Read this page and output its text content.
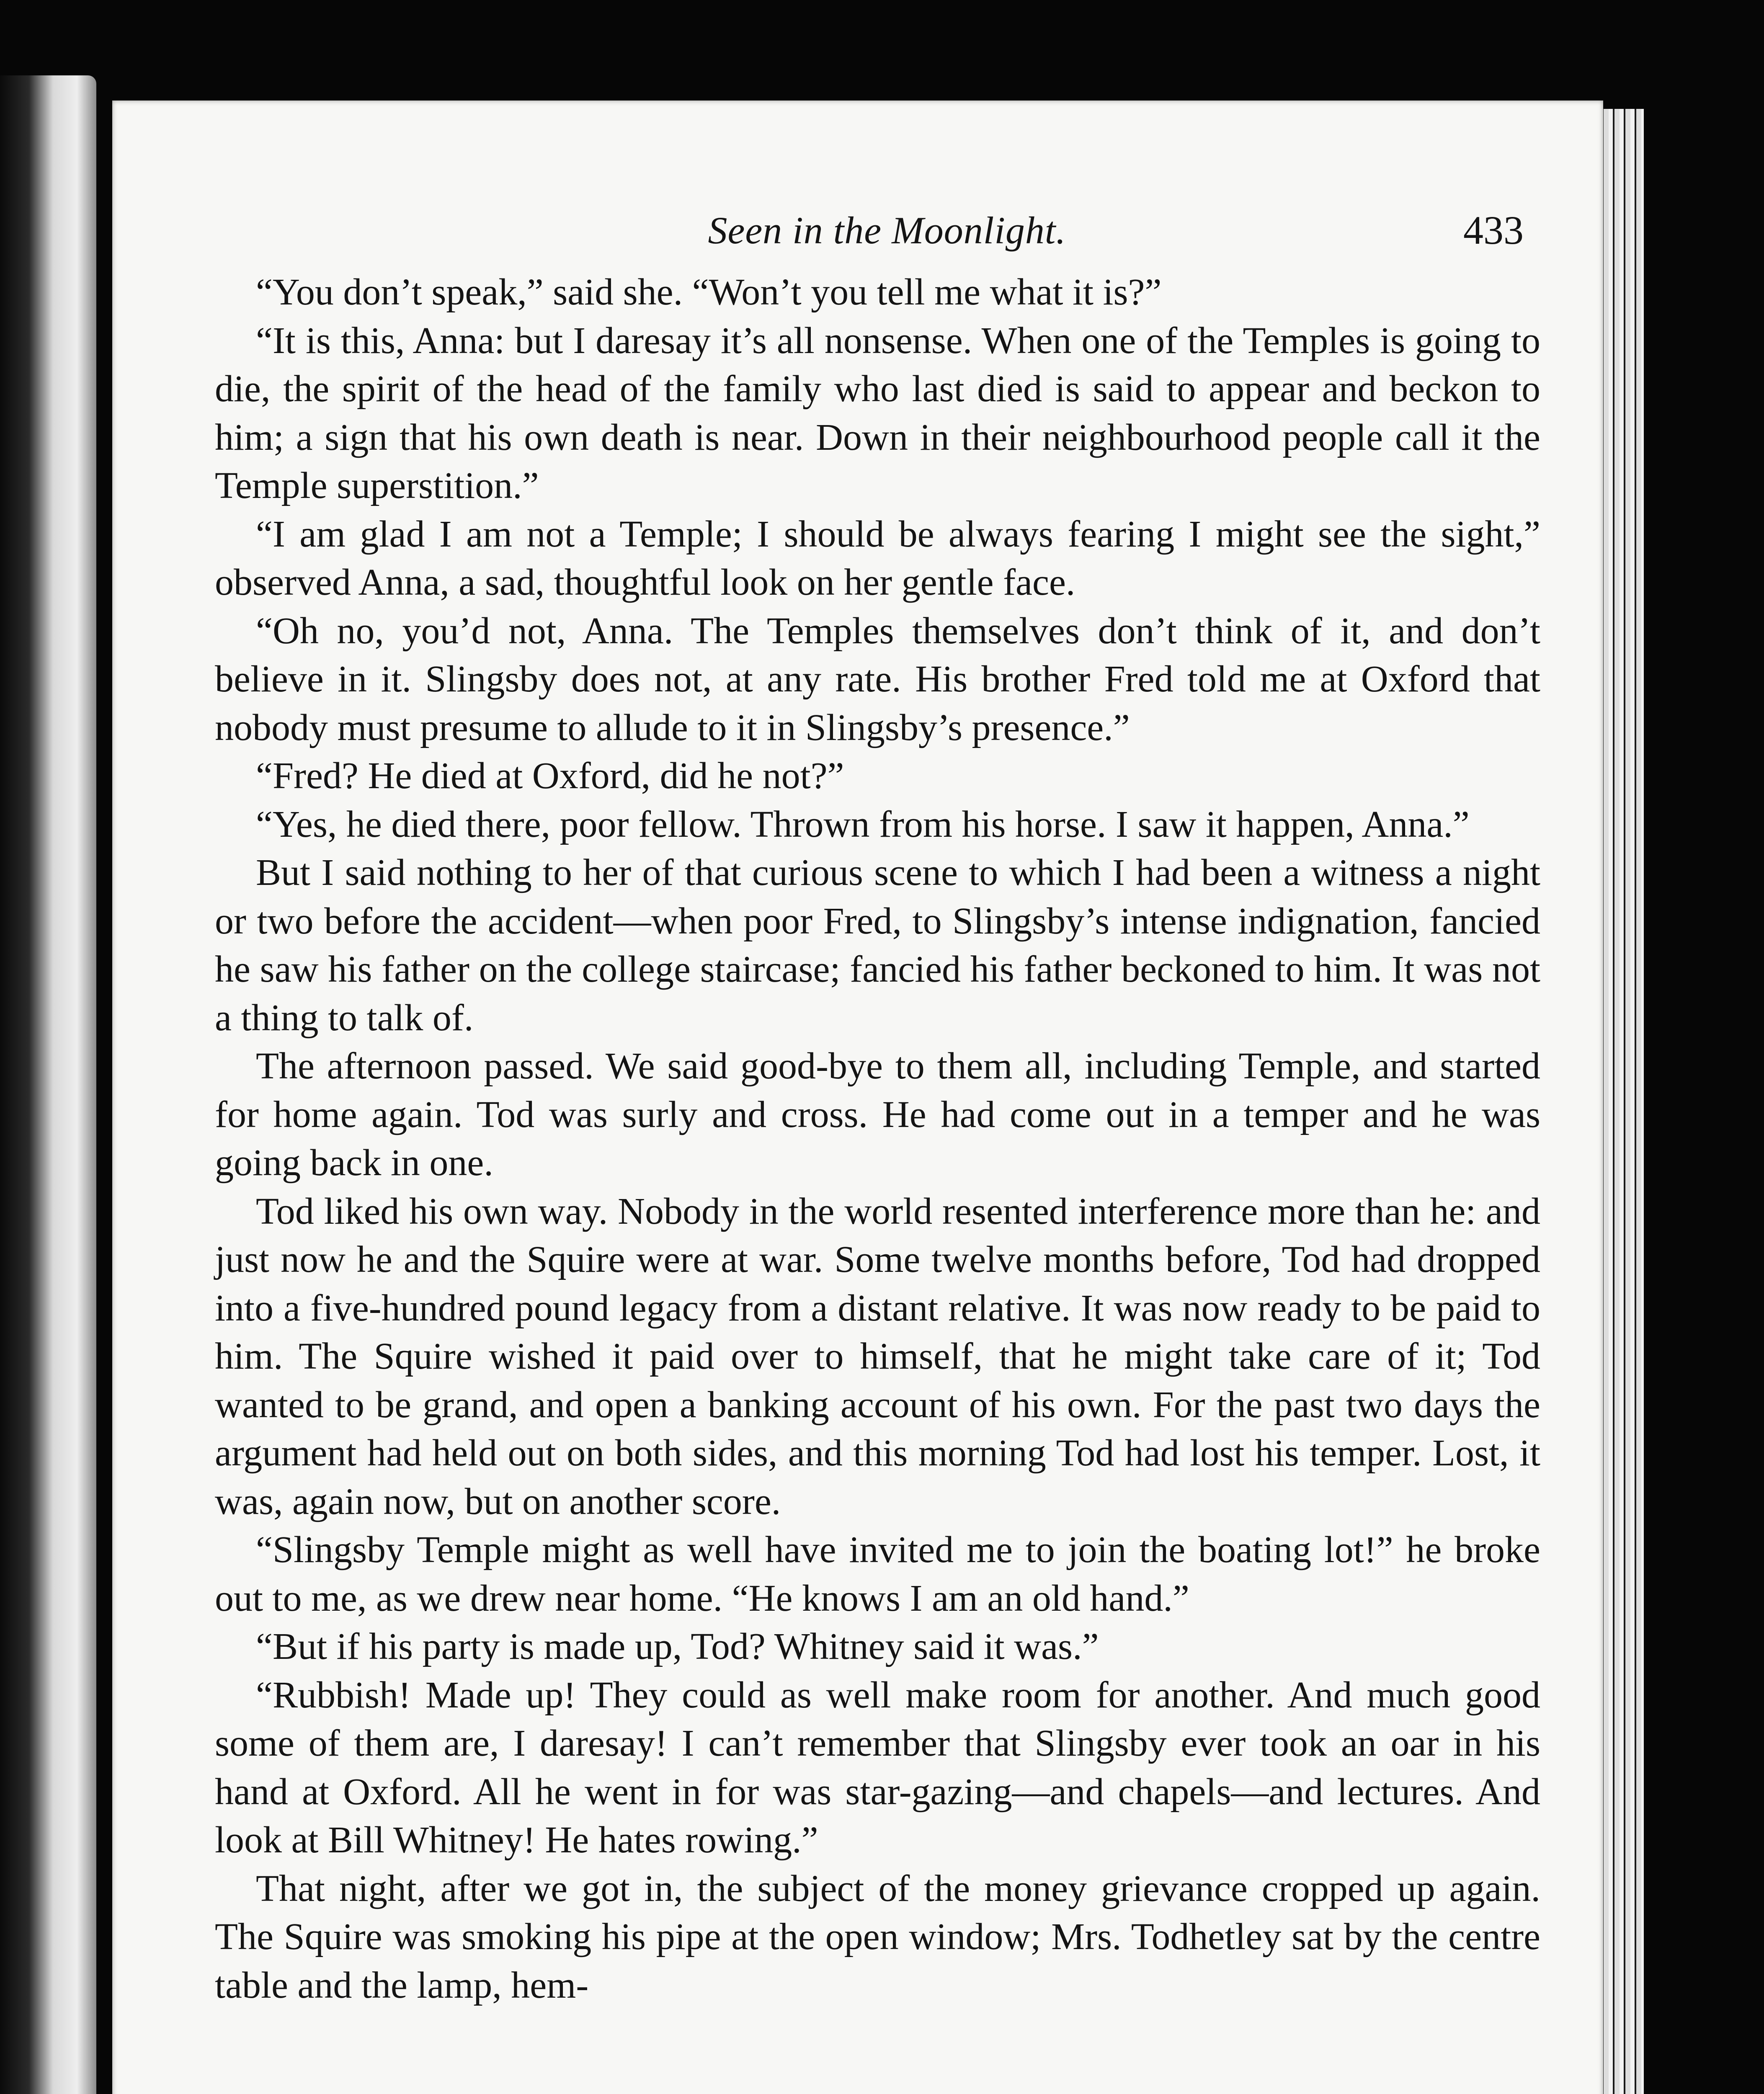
Seen in the Moonlight.	433

“You don’t speak,” said she. “Won’t you tell me what it is?”

“It is this, Anna: but I daresay it’s all nonsense. When one of the Temples is going to die, the spirit of the head of the family who last died is said to appear and beckon to him; a sign that his own death is near. Down in their neighbourhood people call it the Temple superstition.”

“I am glad I am not a Temple; I should be always fearing I might see the sight,” observed Anna, a sad, thoughtful look on her gentle face.

“Oh no, you’d not, Anna. The Temples themselves don’t think of it, and don’t believe in it. Slingsby does not, at any rate. His brother Fred told me at Oxford that nobody must presume to allude to it in Slingsby’s presence.”

“Fred? He died at Oxford, did he not?”

“Yes, he died there, poor fellow. Thrown from his horse. I saw it happen, Anna.”

But I said nothing to her of that curious scene to which I had been a witness a night or two before the accident—when poor Fred, to Slingsby’s intense indignation, fancied he saw his father on the college staircase; fancied his father beckoned to him. It was not a thing to talk of.

The afternoon passed. We said good-bye to them all, including Temple, and started for home again. Tod was surly and cross. He had come out in a temper and he was going back in one.

Tod liked his own way. Nobody in the world resented interference more than he: and just now he and the Squire were at war. Some twelve months before, Tod had dropped into a five-hundred pound legacy from a distant relative. It was now ready to be paid to him. The Squire wished it paid over to himself, that he might take care of it; Tod wanted to be grand, and open a banking account of his own. For the past two days the argument had held out on both sides, and this morning Tod had lost his temper. Lost, it was, again now, but on another score.

“Slingsby Temple might as well have invited me to join the boating lot!” he broke out to me, as we drew near home. “He knows I am an old hand.”

“But if his party is made up, Tod? Whitney said it was.”

“Rubbish! Made up! They could as well make room for another. And much good some of them are, I daresay! I can’t remember that Slingsby ever took an oar in his hand at Oxford. All he went in for was star-gazing—and chapels—and lectures. And look at Bill Whitney! He hates rowing.”

That night, after we got in, the subject of the money grievance cropped up again. The Squire was smoking his pipe at the open window; Mrs. Todhetley sat by the centre table and the lamp, hem-
